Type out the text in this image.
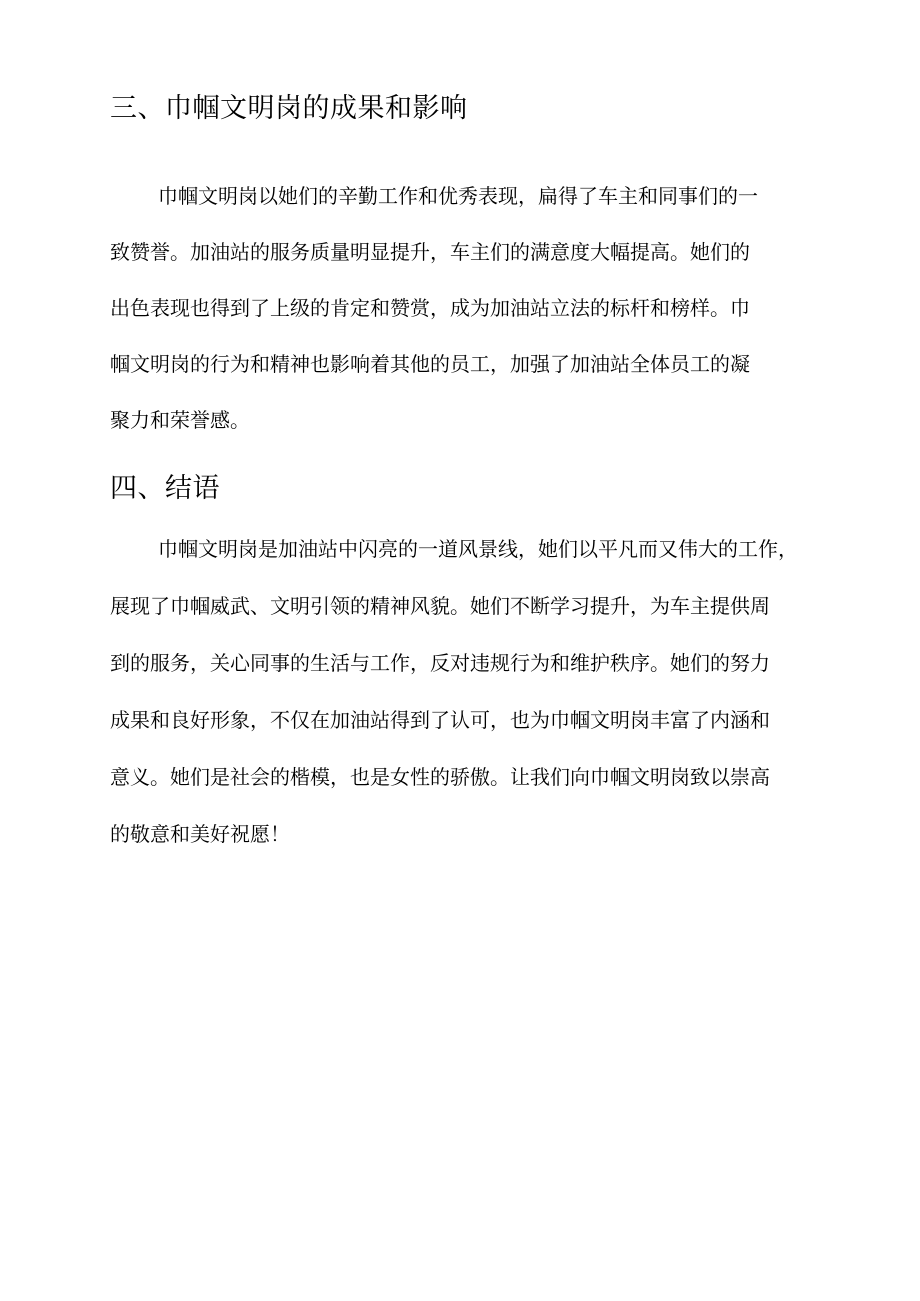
三、巾帼文明岗的成果和影响
巾帼文明岗以她们的辛勤工作和优秀表现，扁得了车主和同事们的一
致赞誉。加油站的服务质量明显提升，车主们的满意度大幅提高。她们的
出色表现也得到了上级的肯定和赞赏，成为加油站立法的标杆和榜样。巾
帼文明岗的行为和精神也影响着其他的员工，加强了加油站全体员工的凝
聚力和荣誉感。
四、结语
巾帼文明岗是加油站中闪亮的一道风景线，她们以平凡而又伟大的工作，
展现了巾帼威武、文明引领的精神风貌。她们不断学习提升，为车主提供周
到的服务，关心同事的生活与工作，反对违规行为和维护秩序。她们的努力
成果和良好形象，不仅在加油站得到了认可，也为巾帼文明岗丰富了内涵和
意义。她们是社会的楷模，也是女性的骄傲。让我们向巾帼文明岗致以崇高
的敬意和美好祝愿！
